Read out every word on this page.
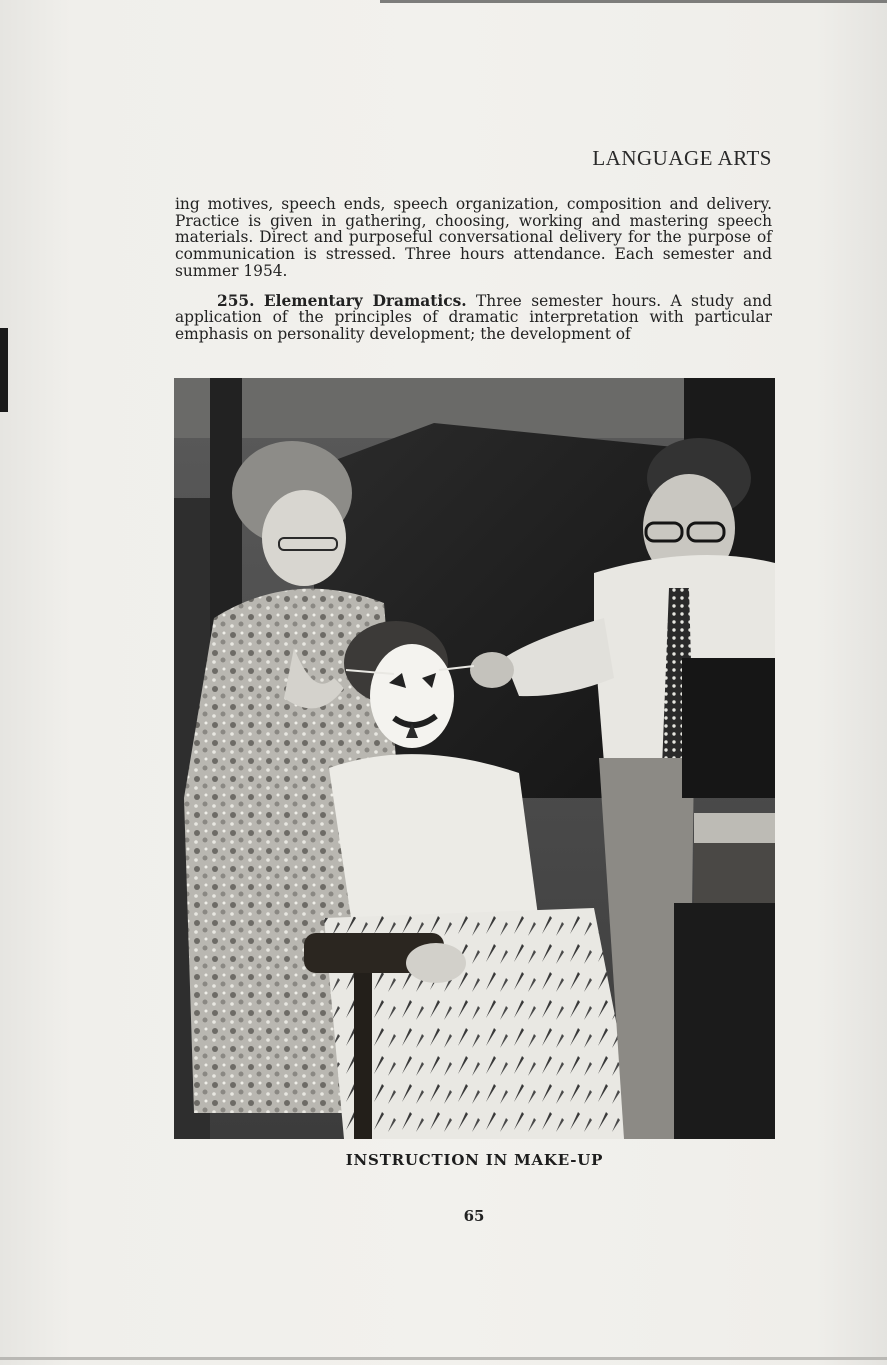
LANGUAGE ARTS

ing motives, speech ends, speech organization, composition and delivery. Practice is given in gathering, choosing, working and mastering speech materials. Direct and purposeful conversational delivery for the purpose of communication is stressed. Three hours attendance. Each semester and summer 1954.

255. Elementary Dramatics. Three semester hours. A study and application of the principles of dramatic interpretation with particular emphasis on personality development; the development of

INSTRUCTION IN MAKE-UP
65
